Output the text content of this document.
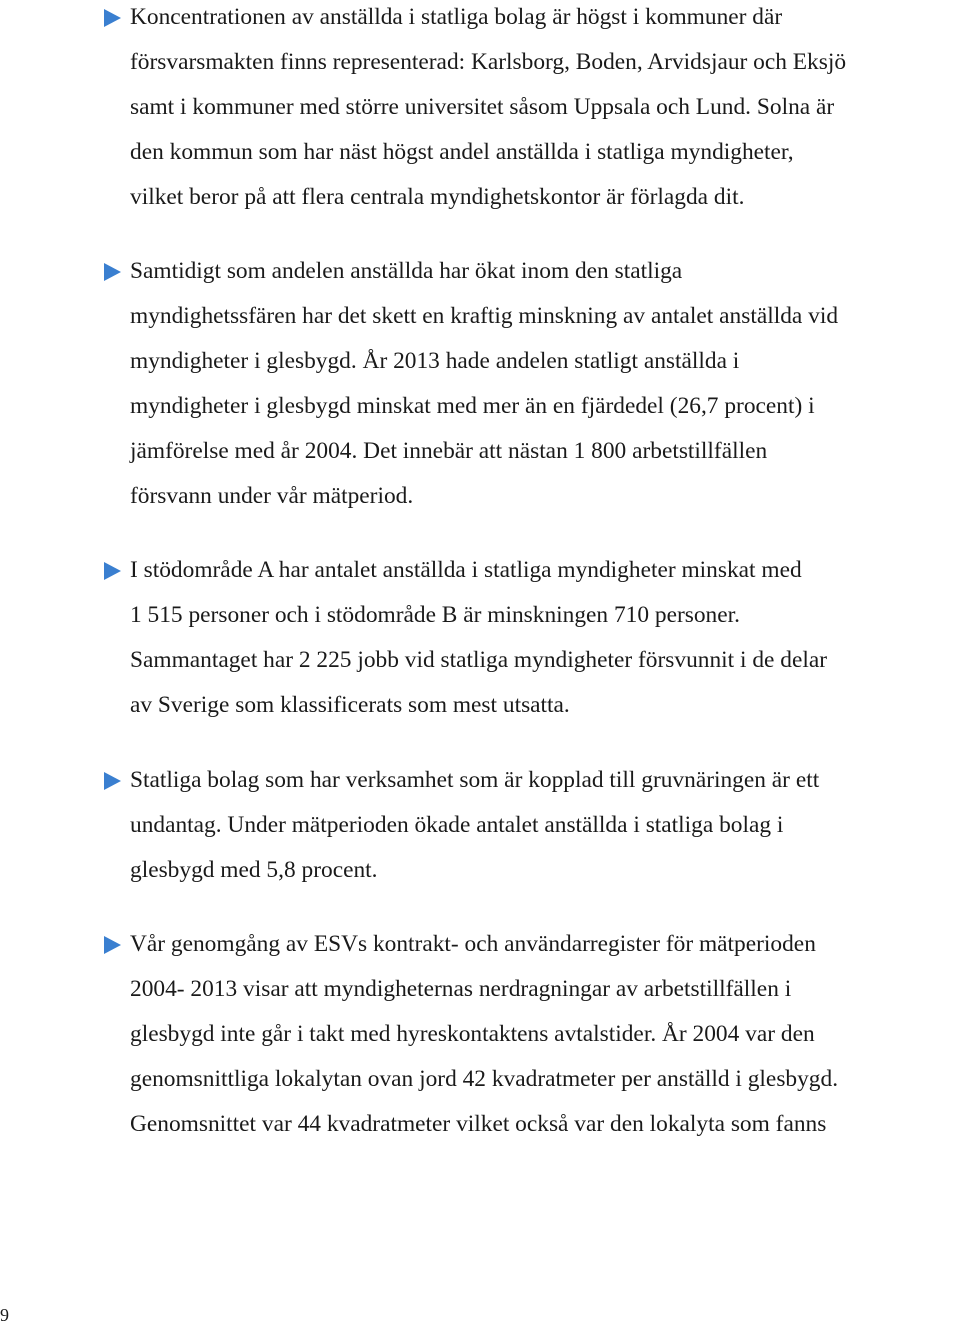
Koncentrationen av anställda i statliga bolag är högst i kommuner där
försvarsmakten finns representerad: Karlsborg, Boden, Arvidsjaur och Eksjö
samt i kommuner med större universitet såsom Uppsala och Lund. Solna är
den kommun som har näst högst andel anställda i statliga myndigheter,
vilket beror på att flera centrala myndighetskontor är förlagda dit.
Samtidigt som andelen anställda har ökat inom den statliga
myndighetssfären har det skett en kraftig minskning av antalet anställda vid
myndigheter i glesbygd. År 2013 hade andelen statligt anställda i
myndigheter i glesbygd minskat med mer än en fjärdedel (26,7 procent) i
jämförelse med år 2004. Det innebär att nästan 1 800 arbetstillfällen
försvann under vår mätperiod.
I stödområde A har antalet anställda i statliga myndigheter minskat med
1 515 personer och i stödområde B är minskningen 710 personer.
Sammantaget har 2 225 jobb vid statliga myndigheter försvunnit i de delar
av Sverige som klassificerats som mest utsatta.
Statliga bolag som har verksamhet som är kopplad till gruvnäringen är ett
undantag. Under mätperioden ökade antalet anställda i statliga bolag i
glesbygd med 5,8 procent.
Vår genomgång av ESVs kontrakt- och användarregister för mätperioden
2004- 2013 visar att myndigheternas nerdragningar av arbetstillfällen i
glesbygd inte går i takt med hyreskontaktens avtalstider. År 2004 var den
genomsnittliga lokalytan ovan jord 42 kvadratmeter per anställd i glesbygd.
Genomsnittet var 44 kvadratmeter vilket också var den lokalyta som fanns
9
